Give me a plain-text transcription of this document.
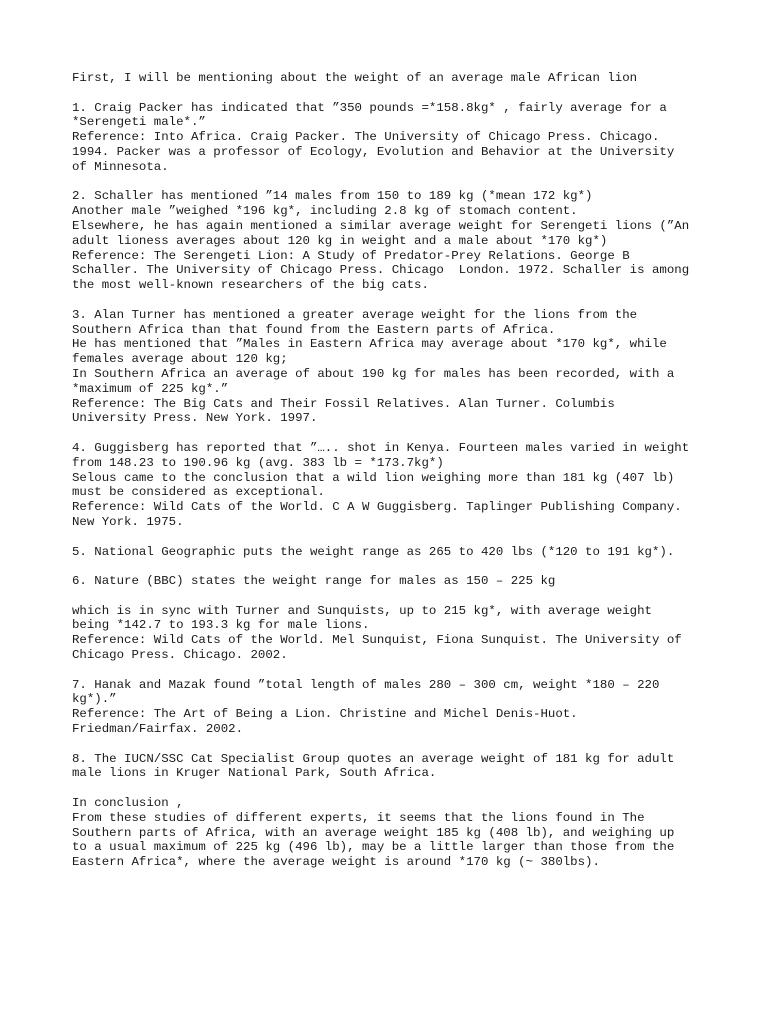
First, I will be mentioning about the weight of an average male African lion
1. Craig Packer has indicated that ”350 pounds =*158.8kg* , fairly average for a
*Serengeti male*.”
Reference: Into Africa. Craig Packer. The University of Chicago Press. Chicago.
1994. Packer was a professor of Ecology, Evolution and Behavior at the University
of Minnesota.
2. Schaller has mentioned ”14 males from 150 to 189 kg (*mean 172 kg*)
Another male ”weighed *196 kg*, including 2.8 kg of stomach content.
Elsewhere, he has again mentioned a similar average weight for Serengeti lions (”An
adult lioness averages about 120 kg in weight and a male about *170 kg*)
Reference: The Serengeti Lion: A Study of Predator-Prey Relations. George B
Schaller. The University of Chicago Press. Chicago  London. 1972. Schaller is among
the most well-known researchers of the big cats.
3. Alan Turner has mentioned a greater average weight for the lions from the
Southern Africa than that found from the Eastern parts of Africa.
He has mentioned that ”Males in Eastern Africa may average about *170 kg*, while
females average about 120 kg;
In Southern Africa an average of about 190 kg for males has been recorded, with a
*maximum of 225 kg*.”
Reference: The Big Cats and Their Fossil Relatives. Alan Turner. Columbis
University Press. New York. 1997.
4. Guggisberg has reported that ”….. shot in Kenya. Fourteen males varied in weight
from 148.23 to 190.96 kg (avg. 383 lb = *173.7kg*)
Selous came to the conclusion that a wild lion weighing more than 181 kg (407 lb)
must be considered as exceptional.
Reference: Wild Cats of the World. C A W Guggisberg. Taplinger Publishing Company.
New York. 1975.
5. National Geographic puts the weight range as 265 to 420 lbs (*120 to 191 kg*).
6. Nature (BBC) states the weight range for males as 150 – 225 kg
which is in sync with Turner and Sunquists, up to 215 kg*, with average weight
being *142.7 to 193.3 kg for male lions.
Reference: Wild Cats of the World. Mel Sunquist, Fiona Sunquist. The University of
Chicago Press. Chicago. 2002.
7. Hanak and Mazak found ”total length of males 280 – 300 cm, weight *180 – 220
kg*).”
Reference: The Art of Being a Lion. Christine and Michel Denis-Huot.
Friedman/Fairfax. 2002.
8. The IUCN/SSC Cat Specialist Group quotes an average weight of 181 kg for adult
male lions in Kruger National Park, South Africa.
In conclusion ,
From these studies of different experts, it seems that the lions found in The
Southern parts of Africa, with an average weight 185 kg (408 lb), and weighing up
to a usual maximum of 225 kg (496 lb), may be a little larger than those from the
Eastern Africa*, where the average weight is around *170 kg (~ 380lbs).
